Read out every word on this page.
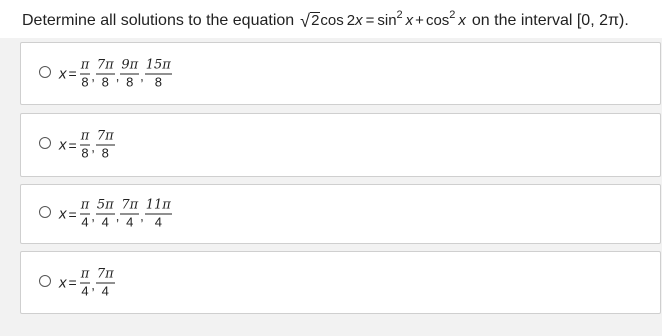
Determine all solutions to the equation √ 2 cos 2 x = sin 2 x + cos 2 x on the interval [0, 2π).
$x = \frac{\pi}{8}$ , $\frac{7\pi}{8}$ , $\frac{9\pi}{8}$ , $\frac{15\pi}{8}$
$x = \frac{\pi}{8}$ , $\frac{7\pi}{8}$
$x = \frac{\pi}{4}$ , $\frac{5\pi}{4}$ , $\frac{7\pi}{4}$ , $\frac{11\pi}{4}$
$x = \frac{\pi}{4}$ , $\frac{7\pi}{4}$
